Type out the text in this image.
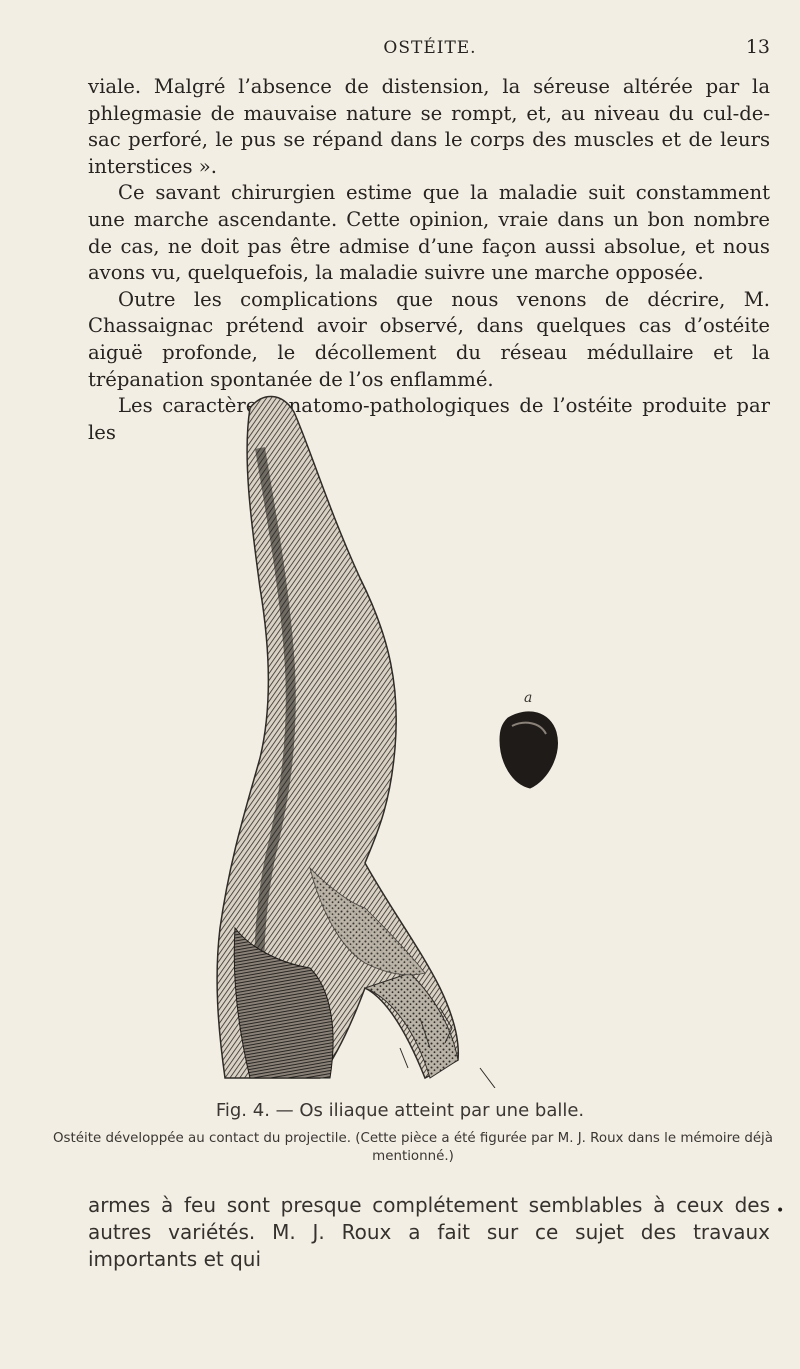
OSTÉITE.	13

viale. Malgré l’absence de distension, la séreuse altérée par la phlegmasie de mauvaise nature se rompt, et, au niveau du cul-de-sac perforé, le pus se répand dans le corps des muscles et de leurs interstices ».

Ce savant chirurgien estime que la maladie suit constamment une marche ascendante. Cette opinion, vraie dans un bon nombre de cas, ne doit pas être admise d’une façon aussi absolue, et nous avons vu, quelquefois, la maladie suivre une marche opposée.

Outre les complications que nous venons de décrire, M. Chassaignac prétend avoir observé, dans quelques cas d’ostéite aiguë profonde, le décollement du réseau médullaire et la trépanation spontanée de l’os enflammé.

Les caractères anatomo-pathologiques de l’ostéite produite par les

a
Fig. 4. — Os iliaque atteint par une balle.
Ostéite développée au contact du projectile. (Cette pièce a été figurée par M. J. Roux dans le mémoire déjà mentionné.)

armes à feu sont presque complétement semblables à ceux des autres variétés. M. J. Roux a fait sur ce sujet des travaux importants et qui

•
